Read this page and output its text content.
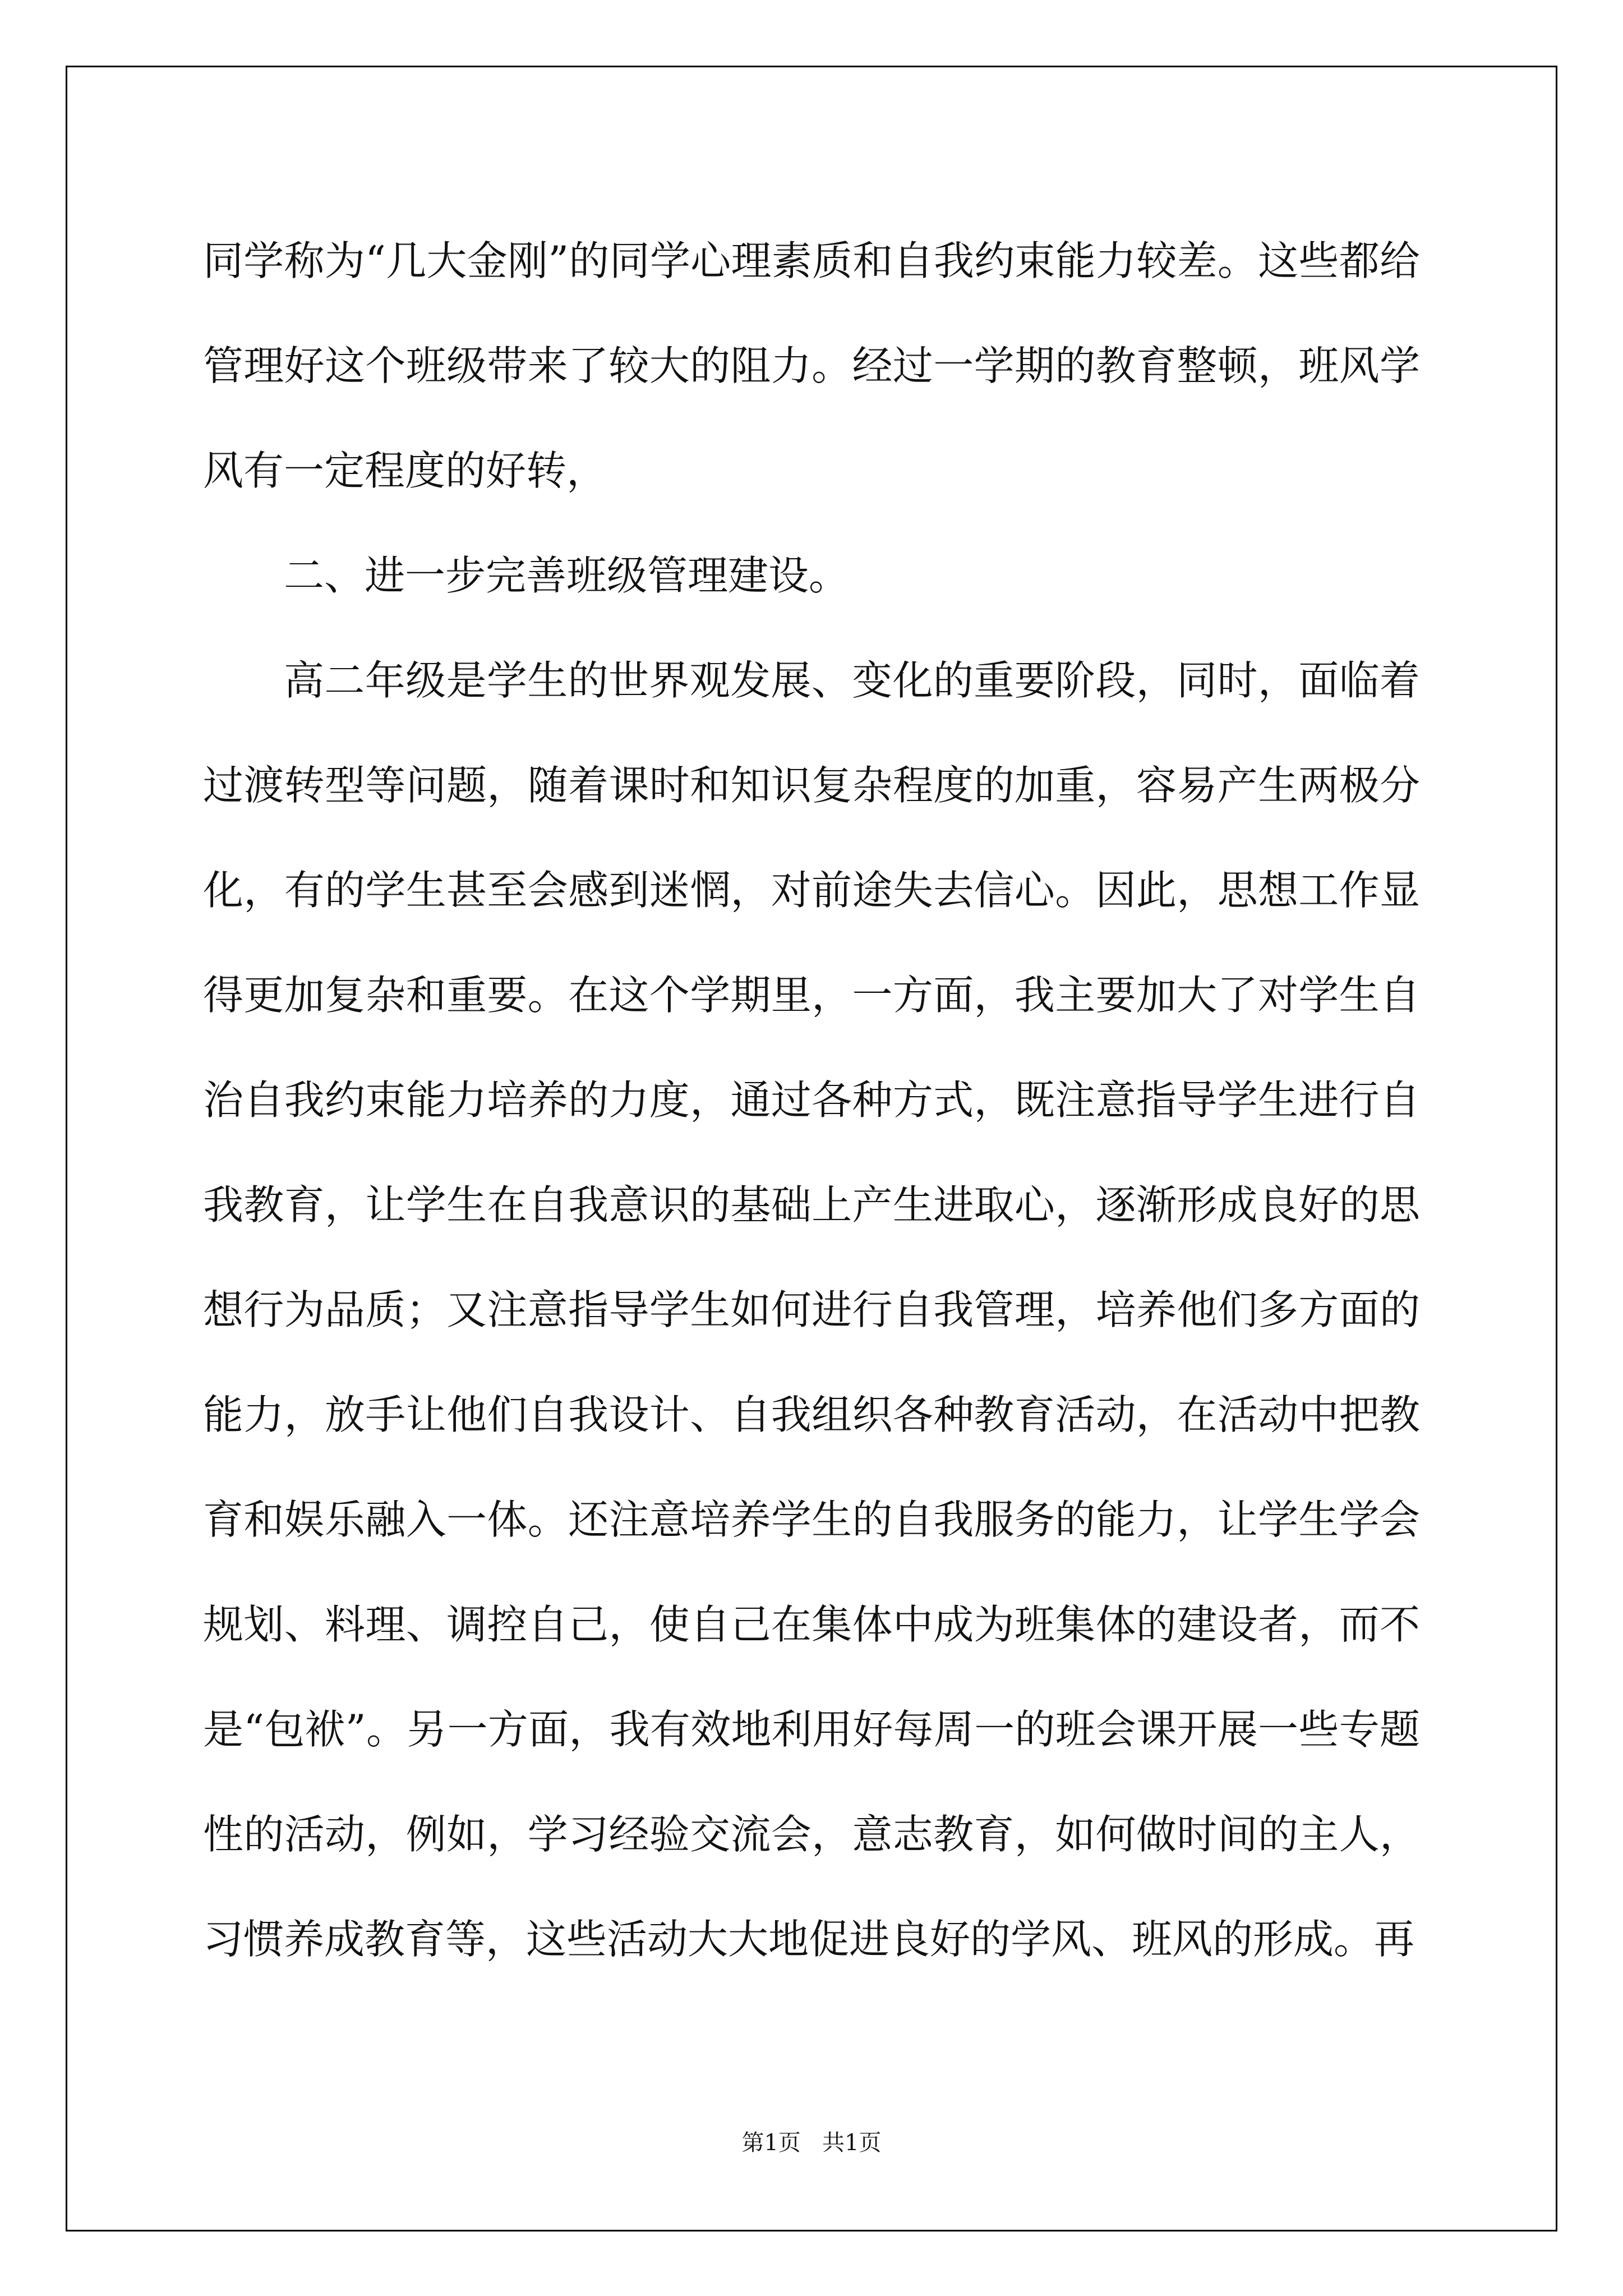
同学称为“几大金刚”的同学心理素质和自我约束能力较差。这些都给管理好这个班级带来了较大的阻力。经过一学期的教育整顿，班风学风有一定程度的好转，

二、进一步完善班级管理建设。

高二年级是学生的世界观发展、变化的重要阶段，同时，面临着过渡转型等问题，随着课时和知识复杂程度的加重，容易产生两极分化，有的学生甚至会感到迷惘，对前途失去信心。因此，思想工作显得更加复杂和重要。在这个学期里，一方面，我主要加大了对学生自治自我约束能力培养的力度，通过各种方式，既注意指导学生进行自我教育，让学生在自我意识的基础上产生进取心，逐渐形成良好的思想行为品质；又注意指导学生如何进行自我管理，培养他们多方面的能力，放手让他们自我设计、自我组织各种教育活动，在活动中把教育和娱乐融入一体。还注意培养学生的自我服务的能力，让学生学会规划、料理、调控自己，使自己在集体中成为班集体的建设者，而不是“包袱”。另一方面，我有效地利用好每周一的班会课开展一些专题性的活动，例如，学习经验交流会，意志教育，如何做时间的主人，习惯养成教育等，这些活动大大地促进良好的学风、班风的形成。再

第1页   共1页
